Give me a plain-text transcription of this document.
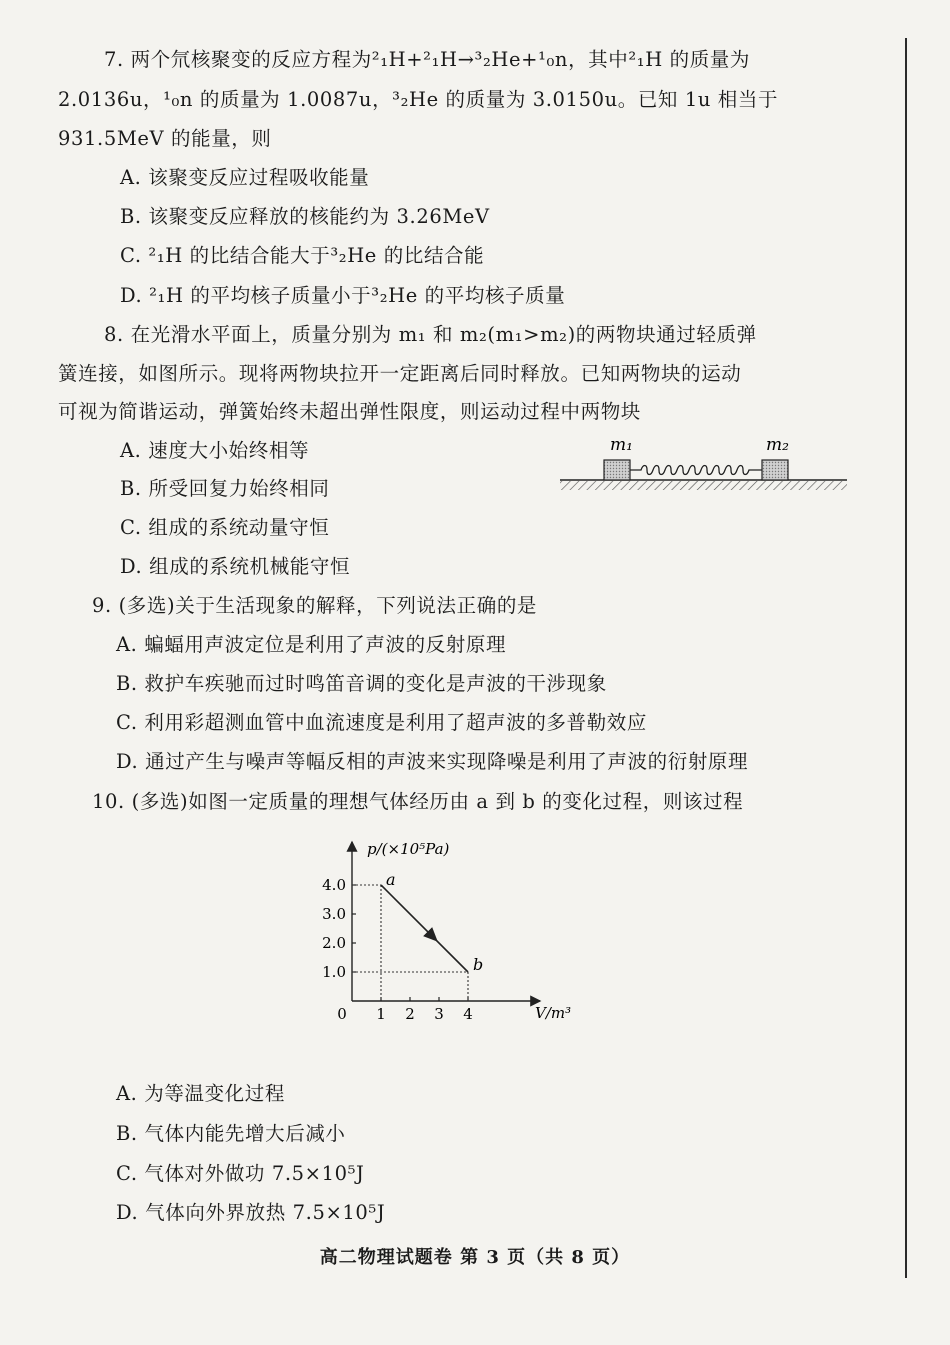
7. 两个氘核聚变的反应方程为²₁H+²₁H→³₂He+¹₀n，其中²₁H 的质量为
2.0136u，¹₀n 的质量为 1.0087u，³₂He 的质量为 3.0150u。已知 1u 相当于
931.5MeV 的能量，则
A. 该聚变反应过程吸收能量
B. 该聚变反应释放的核能约为 3.26MeV
C. ²₁H 的比结合能大于³₂He 的比结合能
D. ²₁H 的平均核子质量小于³₂He 的平均核子质量
8. 在光滑水平面上，质量分别为 m₁ 和 m₂(m₁>m₂)的两物块通过轻质弹
簧连接，如图所示。现将两物块拉开一定距离后同时释放。已知两物块的运动
可视为简谐运动，弹簧始终未超出弹性限度，则运动过程中两物块
A. 速度大小始终相等
B. 所受回复力始终相同
C. 组成的系统动量守恒
D. 组成的系统机械能守恒
m₁	m₂
9. (多选)关于生活现象的解释，下列说法正确的是
A. 蝙蝠用声波定位是利用了声波的反射原理
B. 救护车疾驰而过时鸣笛音调的变化是声波的干涉现象
C. 利用彩超测血管中血流速度是利用了超声波的多普勒效应
D. 通过产生与噪声等幅反相的声波来实现降噪是利用了声波的衍射原理
10. (多选)如图一定质量的理想气体经历由 a 到 b 的变化过程，则该过程
p/(×10⁵Pa)
V/m³
0 1 2 3 4
1.0
2.0
3.0
4.0	a
b
A. 为等温变化过程
B. 气体内能先增大后减小
C. 气体对外做功 7.5×10⁵J
D. 气体向外界放热 7.5×10⁵J
高二物理试题卷 第 3 页（共 8 页）
